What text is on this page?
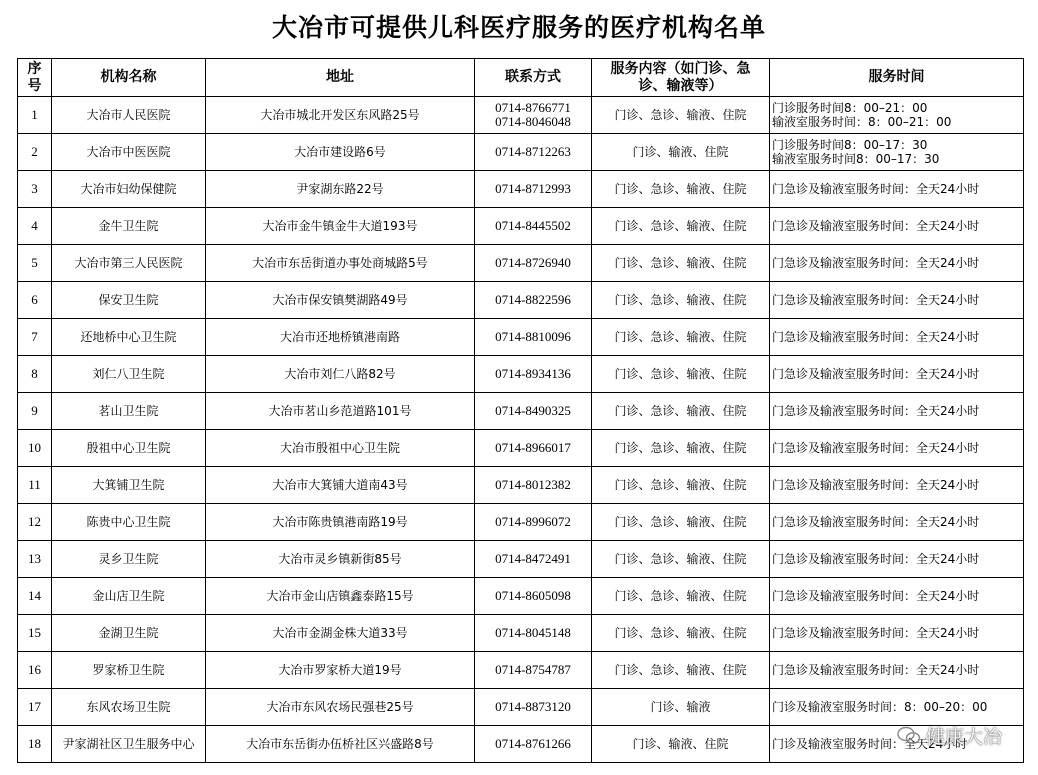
大冶市可提供儿科医疗服务的医疗机构名单
序
号	机构名称	地址	联系方式	服务内容（如门诊、急
诊、输液等）	服务时间
1	大冶市人民医院	大冶市城北开发区东风路25号	0714-8766771
0714-8046048	门诊、急诊、输液、住院	门诊服务时间8：00–21：00
输液室服务时间：8：00–21：00

2	大冶市中医医院	大冶市建设路6号	0714-8712263	门诊、输液、住院	门诊服务时间8：00–17：30
输液室服务时间8：00–17：30

3	大冶市妇幼保健院	尹家湖东路22号	0714-8712993	门诊、急诊、输液、住院	门急诊及输液室服务时间：全天24小时

4	金牛卫生院	大冶市金牛镇金牛大道193号	0714-8445502	门诊、急诊、输液、住院	门急诊及输液室服务时间：全天24小时

5	大冶市第三人民医院	大冶市东岳街道办事处商城路5号	0714-8726940	门诊、急诊、输液、住院	门急诊及输液室服务时间：全天24小时

6	保安卫生院	大冶市保安镇樊湖路49号	0714-8822596	门诊、急诊、输液、住院	门急诊及输液室服务时间：全天24小时

7	还地桥中心卫生院	大冶市还地桥镇港南路	0714-8810096	门诊、急诊、输液、住院	门急诊及输液室服务时间：全天24小时

8	刘仁八卫生院	大冶市刘仁八路82号	0714-8934136	门诊、急诊、输液、住院	门急诊及输液室服务时间：全天24小时

9	茗山卫生院	大冶市茗山乡范道路101号	0714-8490325	门诊、急诊、输液、住院	门急诊及输液室服务时间：全天24小时

10	殷祖中心卫生院	大冶市殷祖中心卫生院	0714-8966017	门诊、急诊、输液、住院	门急诊及输液室服务时间：全天24小时

11	大箕铺卫生院	大冶市大箕铺大道南43号	0714-8012382	门诊、急诊、输液、住院	门急诊及输液室服务时间：全天24小时

12	陈贵中心卫生院	大冶市陈贵镇港南路19号	0714-8996072	门诊、急诊、输液、住院	门急诊及输液室服务时间：全天24小时

13	灵乡卫生院	大冶市灵乡镇新街85号	0714-8472491	门诊、急诊、输液、住院	门急诊及输液室服务时间：全天24小时

14	金山店卫生院	大冶市金山店镇鑫泰路15号	0714-8605098	门诊、急诊、输液、住院	门急诊及输液室服务时间：全天24小时

15	金湖卫生院	大冶市金湖金株大道33号	0714-8045148	门诊、急诊、输液、住院	门急诊及输液室服务时间：全天24小时

16	罗家桥卫生院	大冶市罗家桥大道19号	0714-8754787	门诊、急诊、输液、住院	门急诊及输液室服务时间：全天24小时

17	东风农场卫生院	大冶市东风农场民强巷25号	0714-8873120	门诊、输液	门诊及输液室服务时间：8：00–20：00

18	尹家湖社区卫生服务中心	大冶市东岳街办伍桥社区兴盛路8号	0714-8761266	门诊、输液、住院	门诊及输液室服务时间：全天24小时
健康大冶
